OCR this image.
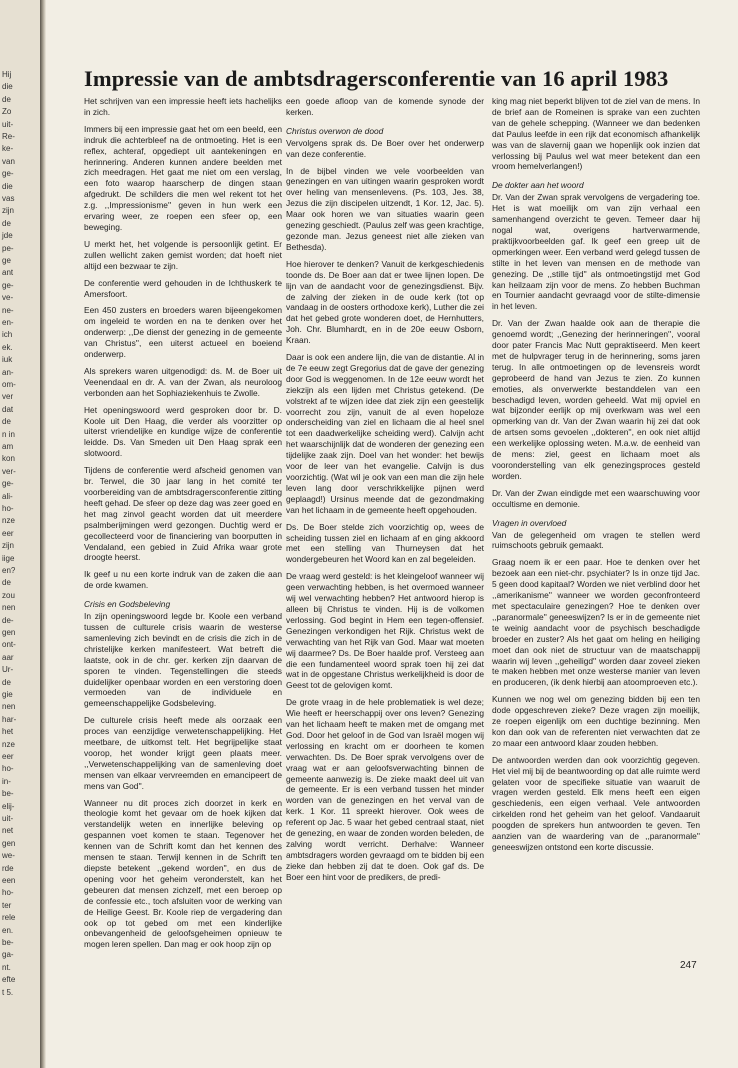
Hij
die
de
Zo
uit-
Re-
ke-
van
ge-
die
vas
zijn
de
jde
pe-
ge
ant
ge-
ve-
ne-
en-
ich
ek.
iuk
an-
om-
ver
dat
de
n in
am
kon
ver-
ge-
ali-
ho-
nze
eer
zijn
iige
en?
de
zou
nen
de-
gen
ont-
aar
Ur-
de
gie
nen
har-
het
nze
eer
ho-
in-
be-
elij-
uit-
net
gen
we-
rde
een
ho-
ter
rele
en.
be-
ga-
nt.
efte
t 5.
Impressie van de ambtsdragersconferentie van 16 april 1983

Het schrijven van een impressie heeft iets hachelijks in zich.

Immers bij een impressie gaat het om een beeld, een indruk die achterbleef na de ontmoeting. Het is een reflex, achteraf, opgediept uit aantekeningen en herinnering. Anderen kunnen andere beelden met zich meedragen. Het gaat me niet om een verslag, een foto waarop haarscherp de dingen staan afgedrukt. De schilders die men wel rekent tot het z.g. ,,Impressionisme'' geven in hun werk een ervaring weer, ze roepen een sfeer op, een beweging.

U merkt het, het volgende is persoonlijk getint. Er zullen wellicht zaken gemist worden; dat hoeft niet altijd een bezwaar te zijn.

De conferentie werd gehouden in de Ichthuskerk te Amersfoort.

Een 450 zusters en broeders waren bijeengekomen om ingeleid te worden en na te denken over het onderwerp: ,,De dienst der genezing in de gemeente van Christus'', een uiterst actueel en boeiend onderwerp.

Als sprekers waren uitgenodigd: ds. M. de Boer uit Veenendaal en dr. A. van der Zwan, als neuroloog verbonden aan het Sophiaziekenhuis te Zwolle.

Het openingswoord werd gesproken door br. D. Koole uit Den Haag, die verder als voorzitter op uiterst vriendelijke en kundige wijze de conferentie leidde. Ds. Van Smeden uit Den Haag sprak een slotwoord.

Tijdens de conferentie werd afscheid genomen van br. Terwel, die 30 jaar lang in het comité ter voorbereiding van de ambtsdragersconferentie zitting heeft gehad. De sfeer op deze dag was zeer goed en het mag zinvol geacht worden dat uit meerdere psalmberijmingen werd gezongen. Duchtig werd er gecollecteerd voor de financiering van boorputten in Vendaland, een gebied in Zuid Afrika waar grote droogte heerst.

Ik geef u nu een korte indruk van de zaken die aan de orde kwamen.

Crisis en Godsbeleving

In zijn openingswoord legde br. Koole een verband tussen de culturele crisis waarin de westerse samenleving zich bevindt en de crisis die zich in de christelijke kerken manifesteert. Wat betreft die laatste, ook in de chr. ger. kerken zijn daarvan de sporen te vinden. Tegenstellingen die steeds duidelijker openbaar worden en een verstoring doen vermoeden van de individuele en gemeenschappelijke Godsbeleving.

De culturele crisis heeft mede als oorzaak een proces van eenzijdige verwetenschappelijking. Het meetbare, de uitkomst telt. Het begrijpelijke staat voorop, het wonder krijgt geen plaats meer. ,,Verwetenschappelijking van de samenleving doet mensen van elkaar vervreemden en emancipeert de mens van God''.

Wanneer nu dit proces zich doorzet in kerk en theologie komt het gevaar om de hoek kijken dat verstandelijk weten en innerlijke beleving op gespannen voet komen te staan. Tegenover het kennen van de Schrift komt dan het kennen des mensen te staan. Terwijl kennen in de Schrift ten diepste betekent ,,gekend worden'', en dus de opening voor het geheim veronderstelt, kan het gebeuren dat mensen zichzelf, met een beroep op de confessie etc., toch afsluiten voor de werking van de Heilige Geest. Br. Koole riep de vergadering dan ook op tot gebed om met een kinderlijke onbevangenheid de geloofsgeheimen opnieuw te mogen leren spellen. Dan mag er ook hoop zijn op

een goede afloop van de komende synode der kerken.

Christus overwon de dood

Vervolgens sprak ds. De Boer over het onderwerp van deze conferentie.

In de bijbel vinden we vele voorbeelden van genezingen en van uitingen waarin gesproken wordt over heling van mensenlevens. (Ps. 103, Jes. 38, Jezus die zijn discipelen uitzendt, 1 Kor. 12, Jac. 5). Maar ook horen we van situaties waarin geen genezing geschiedt. (Paulus zelf was geen krachtige, gezonde man. Jezus geneest niet alle zieken van Bethesda).

Hoe hierover te denken? Vanuit de kerkgeschiedenis toonde ds. De Boer aan dat er twee lijnen lopen. De lijn van de aandacht voor de genezingsdienst. Bijv. de zalving der zieken in de oude kerk (tot op vandaag in de oosters orthodoxe kerk), Luther die zei dat het gebed grote wonderen doet, de Hernhutters, Joh. Chr. Blumhardt, en in de 20e eeuw Osborn, Kraan.

Daar is ook een andere lijn, die van de distantie. Al in de 7e eeuw zegt Gregorius dat de gave der genezing door God is weggenomen. In de 12e eeuw wordt het ziekzijn als een lijden met Christus getekend. (De volstrekt af te wijzen idee dat ziek zijn een geestelijk voorrecht zou zijn, vanuit de al even hopeloze onderscheiding van ziel en lichaam die al heel snel tot een daadwerkelijke scheiding werd). Calvijn acht het waarschijnlijk dat de wonderen der genezing een tijdelijke zaak zijn. Doel van het wonder: het bewijs voor de leer van het evangelie. Calvijn is dus voorzichtig. (Wat wil je ook van een man die zijn hele leven lang door verschrikkelijke pijnen werd geplaagd!) Ursinus meende dat de gezondmaking van het lichaam in de gemeente heeft opgehouden.

Ds. De Boer stelde zich voorzichtig op, wees de scheiding tussen ziel en lichaam af en ging akkoord met een stelling van Thurneysen dat het wondergebeuren het Woord kan en zal begeleiden.

De vraag werd gesteld: is het kleingeloof wanneer wij geen verwachting hebben, is het overmoed wanneer wij wel verwachting hebben? Het antwoord hierop is alleen bij Christus te vinden. Hij is de volkomen verlossing. God begint in Hem een tegen-offensief. Genezingen verkondigen het Rijk. Christus wekt de verwachting van het Rijk van God. Maar wat moeten wij daarmee? Ds. De Boer haalde prof. Versteeg aan die een fundamenteel woord sprak toen hij zei dat wat in de opgestane Christus werkelijkheid is door de Geest tot de gelovigen komt.

De grote vraag in de hele problematiek is wel deze; Wie heeft er heerschappij over ons leven? Genezing van het lichaam heeft te maken met de omgang met God. Door het geloof in de God van Israël mogen wij verlossing en kracht om er doorheen te komen verwachten. Ds. De Boer sprak vervolgens over de vraag wat er aan geloofsverwachting binnen de gemeente aanwezig is. De zieke maakt deel uit van de gemeente. Er is een verband tussen het minder worden van de genezingen en het verval van de kerk. 1 Kor. 11 spreekt hierover. Ook wees de referent op Jac. 5 waar het gebed centraal staat, niet de genezing, en waar de zonden worden beleden, de zalving wordt verricht. Derhalve: Wanneer ambtsdragers worden gevraagd om te bidden bij een zieke dan hebben zij dat te doen. Ook gaf ds. De Boer een hint voor de predikers, de predi-

king mag niet beperkt blijven tot de ziel van de mens. In de brief aan de Romeinen is sprake van een zuchten van de gehele schepping. (Wanneer we dan bedenken dat Paulus leefde in een rijk dat economisch afhankelijk was van de slavernij gaan we hopenlijk ook inzien dat verlossing bij Paulus wel wat meer betekent dan een vroom hemelverlangen!)

De dokter aan het woord

Dr. Van der Zwan sprak vervolgens de vergadering toe. Het is wat moeilijk om van zijn verhaal een samenhangend overzicht te geven. Temeer daar hij nogal wat, overigens hartverwarmende, praktijkvoorbeelden gaf. Ik geef een greep uit de opmerkingen weer. Een verband werd gelegd tussen de stilte in het leven van mensen en de methode van genezing. De ,,stille tijd'' als ontmoetingstijd met God kan heilzaam zijn voor de mens. Zo hebben Buchman en Tournier aandacht gevraagd voor de stilte-dimensie in het leven.

Dr. Van der Zwan haalde ook aan de therapie die genoemd wordt; ,,Genezing der herinneringen'', vooral door pater Francis Mac Nutt gepraktiseerd. Men keert met de hulpvrager terug in de herinnering, soms jaren terug. In alle ontmoetingen op de levensreis wordt geprobeerd de hand van Jezus te zien. Zo kunnen emoties, als onverwerkte bestanddelen van een beschadigd leven, worden geheeld. Wat mij opviel en wat bijzonder eerlijk op mij overkwam was wel een opmerking van dr. Van der Zwan waarin hij zei dat ook de artsen soms gevoelen ,,dokteren'', en ook niet altijd een werkelijke oplossing weten. M.a.w. de eenheid van de mens: ziel, geest en lichaam moet als vooronderstelling van elk genezingsproces gesteld worden.

Dr. Van der Zwan eindigde met een waarschuwing voor occultisme en demonie.

Vragen in overvloed

Van de gelegenheid om vragen te stellen werd ruimschoots gebruik gemaakt.

Graag noem ik er een paar. Hoe te denken over het bezoek aan een niet-chr. psychiater? Is in onze tijd Jac. 5 geen dood kapitaal? Worden we niet verblind door het ,,amerikanisme'' wanneer we worden geconfronteerd met spectaculaire genezingen? Hoe te denken over ,,paranormale'' geneeswijzen? Is er in de gemeente niet te weinig aandacht voor de psychisch beschadigde broeder en zuster? Als het gaat om heling en heiliging moet dan ook niet de structuur van de maatschappij waarin wij leven ,,geheiligd'' worden daar zoveel zieken te maken hebben met onze westerse manier van leven en produceren, (ik denk hierbij aan atoomproeven etc.).

Kunnen we nog wel om genezing bidden bij een ten dode opgeschreven zieke? Deze vragen zijn moeilijk, ze roepen eigenlijk om een duchtige bezinning. Men kon dan ook van de referenten niet verwachten dat ze zo maar een antwoord klaar zouden hebben.

De antwoorden werden dan ook voorzichtig gegeven. Het viel mij bij de beantwoording op dat alle ruimte werd gelaten voor de specifieke situatie van waaruit de vragen werden gesteld. Elk mens heeft een eigen geschiedenis, een eigen verhaal. Vele antwoorden cirkelden rond het geheim van het geloof. Vandaaruit poogden de sprekers hun antwoorden te geven. Ten aanzien van de waardering van de ,,paranormale'' geneeswijzen ontstond een korte discussie.

247
